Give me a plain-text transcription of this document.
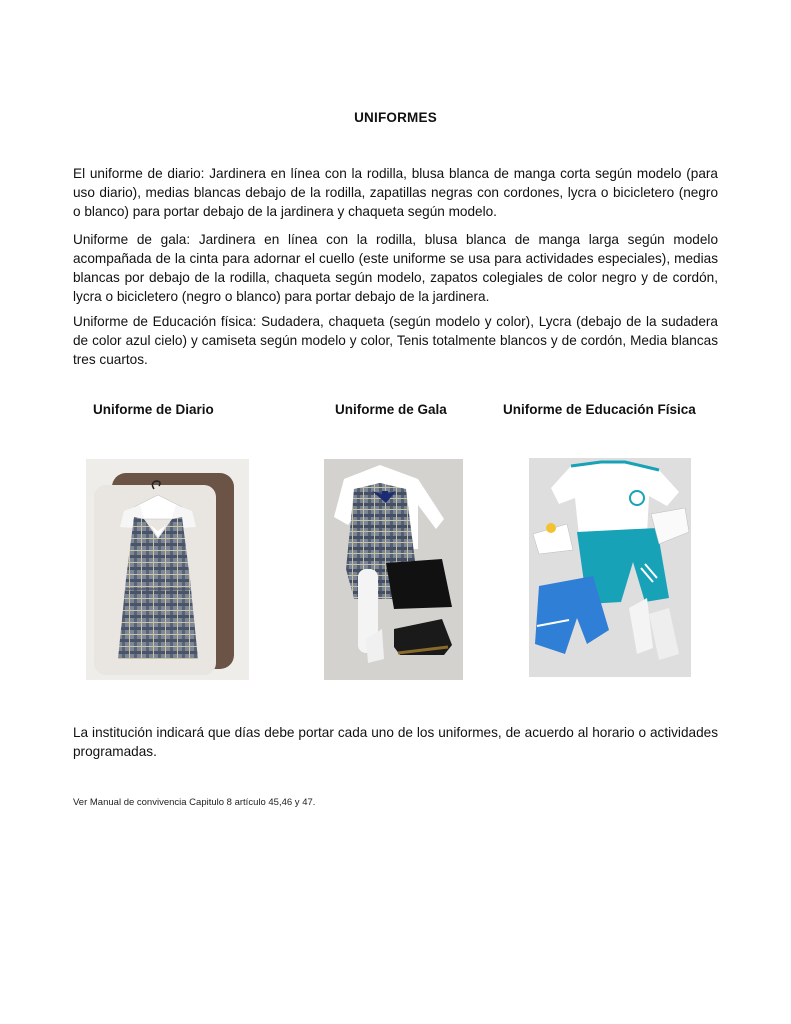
UNIFORMES

El uniforme de diario: Jardinera en línea con la rodilla, blusa blanca de manga corta según modelo (para uso diario), medias blancas debajo de la rodilla, zapatillas negras con cordones, lycra o bicicletero (negro o blanco) para portar debajo de la jardinera y chaqueta según modelo.

Uniforme de gala: Jardinera en línea con la rodilla, blusa blanca de manga larga según modelo acompañada de la cinta para adornar el cuello (este uniforme se usa para actividades especiales), medias blancas por debajo de la rodilla, chaqueta según modelo, zapatos colegiales de color negro y de cordón, lycra o bicicletero (negro o blanco) para portar debajo de la jardinera.

Uniforme de Educación física: Sudadera, chaqueta (según modelo y color), Lycra (debajo de la sudadera de color azul cielo) y camiseta según modelo y color, Tenis totalmente blancos y de cordón, Media blancas tres cuartos.

Uniforme de Diario	Uniforme de Gala	Uniforme de Educación Física

La institución indicará que días debe portar cada uno de los uniformes, de acuerdo al horario o actividades programadas.

Ver Manual de convivencia Capitulo 8 artículo 45,46 y 47.
